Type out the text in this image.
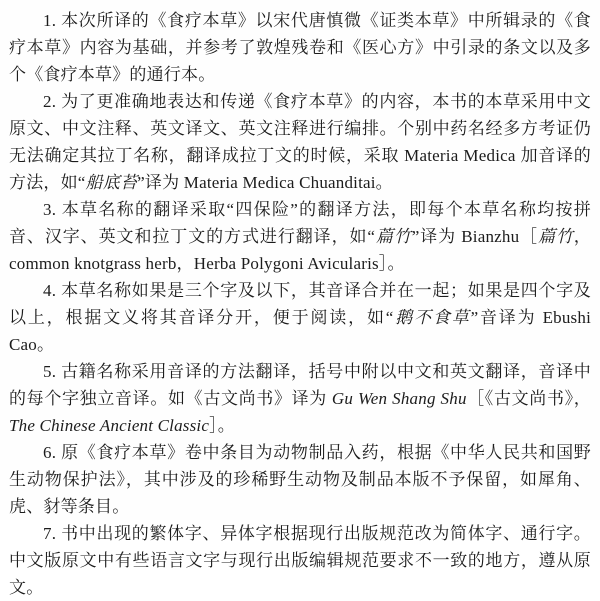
1. 本次所译的《食疗本草》以宋代唐慎微《证类本草》中所辑录的《食疗本草》内容为基础，并参考了敦煌残卷和《医心方》中引录的条文以及多个《食疗本草》的通行本。

2. 为了更准确地表达和传递《食疗本草》的内容，本书的本草采用中文原文、中文注释、英文译文、英文注释进行编排。个别中药名经多方考证仍无法确定其拉丁名称，翻译成拉丁文的时候，采取 Materia Medica 加音译的方法，如“船底苔”译为 Materia Medica Chuanditai。

3. 本草名称的翻译采取“四保险”的翻译方法，即每个本草名称均按拼音、汉字、英文和拉丁文的方式进行翻译，如“萹竹”译为 Bianzhu［萹竹，common knotgrass herb，Herba Polygoni Avicularis］。

4. 本草名称如果是三个字及以下，其音译合并在一起；如果是四个字及以上，根据文义将其音译分开，便于阅读，如“鹅不食草”音译为 Ebushi Cao。

5. 古籍名称采用音译的方法翻译，括号中附以中文和英文翻译，音译中的每个字独立音译。如《古文尚书》译为 Gu Wen Shang Shu［《古文尚书》，The Chinese Ancient Classic］。

6. 原《食疗本草》卷中条目为动物制品入药，根据《中华人民共和国野生动物保护法》，其中涉及的珍稀野生动物及制品本版不予保留，如犀角、虎、豺等条目。

7. 书中出现的繁体字、异体字根据现行出版规范改为简体字、通行字。中文版原文中有些语言文字与现行出版编辑规范要求不一致的地方，遵从原文。
